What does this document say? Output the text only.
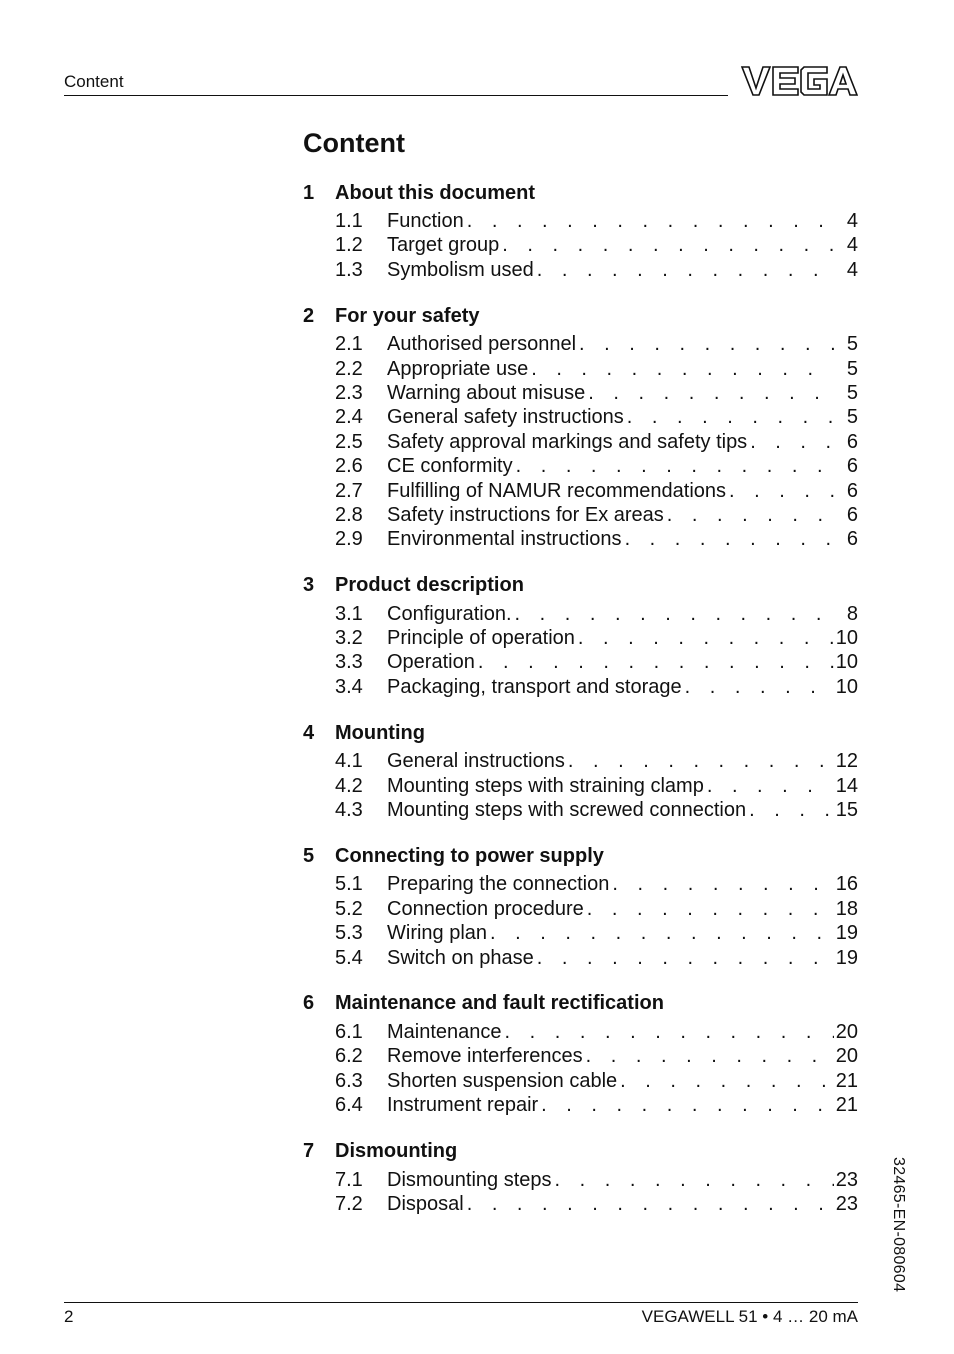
Content
Content
1	About this document
1.1	Function . . .	4
1.2	Target group . . .	4
1.3	Symbolism used . . .	4
2	For your safety
2.1	Authorised personnel . . .	5
2.2	Appropriate use . . .	5
2.3	Warning about misuse . . .	5
2.4	General safety instructions . . .	5
2.5	Safety approval markings and safety tips . . .	6
2.6	CE conformity . . .	6
2.7	Fulfilling of NAMUR recommendations . . .	6
2.8	Safety instructions for Ex areas . . .	6
2.9	Environmental instructions . . .	6
3	Product description
3.1	Configuration. . . .	8
3.2	Principle of operation . . .	10
3.3	Operation . . .	10
3.4	Packaging, transport and storage . . .	10
4	Mounting
4.1	General instructions . . .	12
4.2	Mounting steps with straining clamp . . .	14
4.3	Mounting steps with screwed connection . . .	15
5	Connecting to power supply
5.1	Preparing the connection . . .	16
5.2	Connection procedure . . .	18
5.3	Wiring plan . . .	19
5.4	Switch on phase . . .	19
6	Maintenance and fault rectification
6.1	Maintenance . . .	20
6.2	Remove interferences . . .	20
6.3	Shorten suspension cable . . .	21
6.4	Instrument repair . . .	21
7	Dismounting
7.1	Dismounting steps . . .	23
7.2	Disposal . . .	23 32465-EN-080604
2	VEGAWELL 51 • 4 … 20 mA
